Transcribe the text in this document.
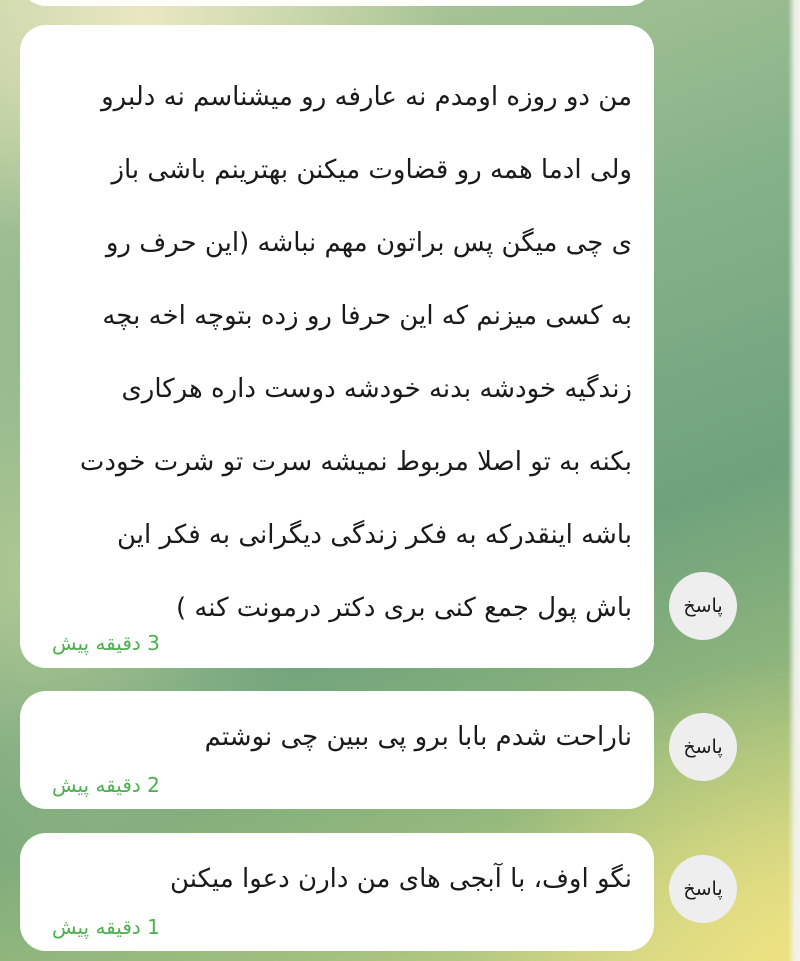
من دو روزه اومدم نه عارفه رو میشناسم نه دلبرو
ولی ادما همه رو قضاوت میکنن بهترینم باشی باز
ی چی میگن پس براتون مهم نباشه (این حرف رو
به کسی میزنم که این حرفا رو زده بتوچه اخه بچه
زندگیه خودشه بدنه خودشه دوست داره هرکاری
بکنه به تو اصلا مربوط نمیشه سرت تو شرت خودت
باشه اینقدرکه به فکر زندگی دیگرانی به فکر این
باش پول جمع کنی بری دکتر درمونت کنه )
3 دقیقه پیش
پاسخ
ناراحت شدم بابا برو پی ببین چی نوشتم
2 دقیقه پیش
پاسخ
نگو اوف، با آبجی های من دارن دعوا میکنن
1 دقیقه پیش
پاسخ
